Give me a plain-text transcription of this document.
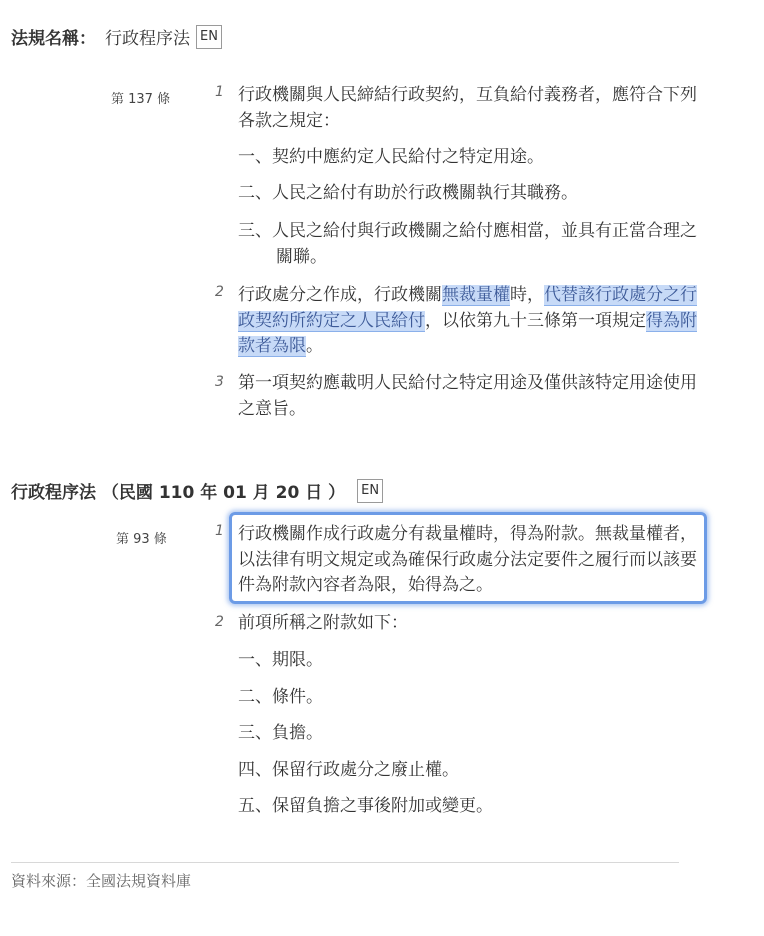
法規名稱： 行政程序法 EN
第 137 條	1 行政機關與人民締結行政契約，互負給付義務者，應符合下列各款之規定：
一、契約中應約定人民給付之特定用途。
二、人民之給付有助於行政機關執行其職務。
三、人民之給付與行政機關之給付應相當，並具有正當合理之關聯。
2 行政處分之作成，行政機關無裁量權時，代替該行政處分之行政契約所約定之人民給付，以依第九十三條第一項規定得為附款者為限。
3 第一項契約應載明人民給付之特定用途及僅供該特定用途使用之意旨。
行政程序法 （民國 110 年 01 月 20 日 ）	EN
第 93 條
1 行政機關作成行政處分有裁量權時，得為附款。無裁量權者，以法律有明文規定或為確保行政處分法定要件之履行而以該要件為附款內容者為限，始得為之。
2 前項所稱之附款如下：
一、期限。
二、條件。
三、負擔。
四、保留行政處分之廢止權。
五、保留負擔之事後附加或變更。
資料來源：全國法規資料庫
